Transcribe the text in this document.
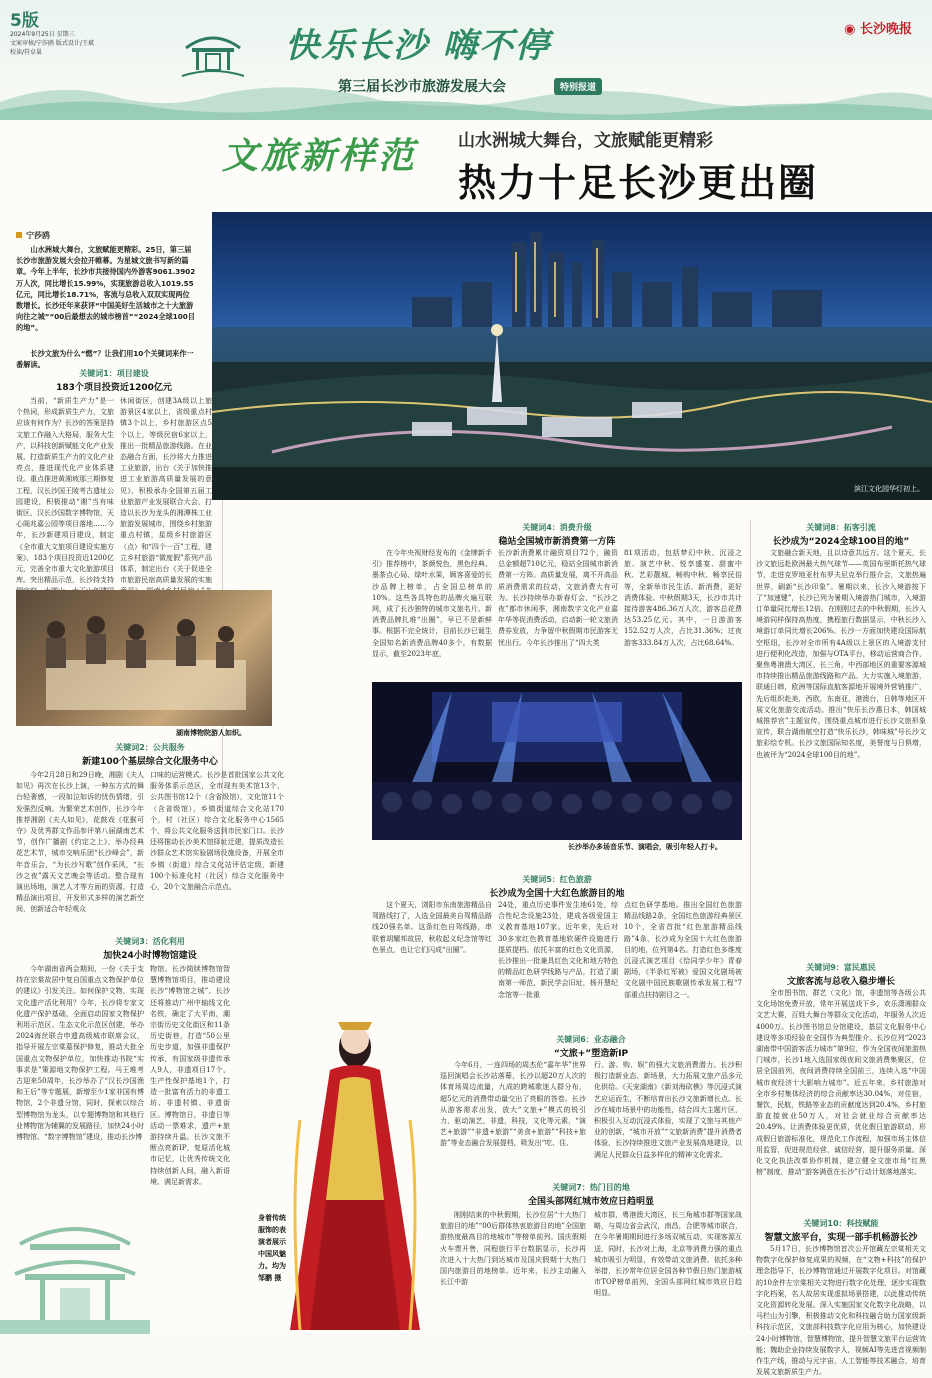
5版
2024年9月25日 星期三
文案审核/宁莎鸥 版式设计/王斌
校读/符卓巢	快乐长沙 嗨不停	◉ 长沙晚报
第三届长沙市旅游发展大会	特别报道
文旅新样范 山水洲城大舞台，文旅赋能更精彩
热力十足长沙更出圈
滨江文化园华灯初上。
宁莎鸥
山水洲城大舞台，文旅赋能更精彩。25日，第三届长沙市旅游发展大会拉开帷幕。为星城文旅书写新的篇章。今年上半年，长沙市共接待国内外游客9061.3902万人次，同比增长15.99%，实现旅游总收入1019.55亿元，同比增长18.71%，客流与总收入双双实现两位数增长。长沙还年来获评“中国美好生活城市之十大旅游向往之城”“00后最想去的城市榜首”“2024全球100目的地”。
长沙文旅为什么“燃”？让我们用10个关键词来作一番解读。
关键词1：项目建设
183个项目投资近1200亿元
当前，“新质生产力”是一个热词，形成新质生产力，文旅应该有何作为？长沙的答案是持文旅工作融入大格局，服务大生产，以科技创新赋能文化产业发展，打造新质生产力的文化产业亮点，推进现代化产业体系建设。重点推进黄湘坡那三期修复工程，汉长沙国王陵考古遗址公园建设，积极推动“湘”当有味街区，汉长沙国数字博物馆，天心阁兆嘉公园等项目落地……今年，长沙新建项目建设，制定《全市重大文旅项目建设实施方案》，183个项目投资近1200亿元，完善全市重大文化旅游项目库。突出精品示范，长沙持支持
休闲街区，创建3A级以上旅游景区4家以上，省级重点村镇3个以上，乡村旅游区点5个以上，等级民宿6家以上，推出一批精品旅游线路。在业态融合方面，长沙将大力推进工业旅游，出台《关于加快推进工业旅游高质量发展的意见》，积极承办全国第五届工业旅游产业发展联合大会，打造以长沙为龙头的湘潭株工业旅游发展城市，围绕乡村旅游重点村镇，星级乡村旅游区（点）和“四个一百”工程，建立乡村旅游“微度假”系列产品体系，制定出台《关于促进全市旅游民宿高质量发展的实施
湖南博物院游人如织。
关键词2：公共服务
新建100个基层综合文化服务中心
今年2月28日和29日晚，湘剧《夫人如见》再次在长沙上演，一种东方式的舞台轻奢感，一段如泣如诉的忧伤情绪，引发强烈反响。为繁荣艺术创作，长沙今年推荐湘剧《夫人如见》，花鼓戏《花猴可夺》及优秀群文作品参评第八届湖南艺术节，创作广播剧《约定之上》，举办经典花艺术节，城市交响乐团“长沙峰会”，新年音乐会，“为长沙写歌”创作采风，“长沙之夜”露天文艺晚会等活动。整合现有演出场地，演艺人才等方面的资源，打造精品演出项目，开发形式多样的演艺新空间，创新适合年轻观众
口味的运营模式。长沙是首批国家公共文化服务体系示范区，全市现有美术馆13个，公共图书馆12个（含省级馆），文化馆11个（含省级馆），乡镇街道综合文化站170个，村（社区）综合文化服务中心1565个，将公共文化服务送到市民家门口。长沙还将推动长沙美术馆择址迁建，提质改造长沙群众艺术馆实验剧场设施设备，开展全市乡镇（街道）综合文化站评估定级，新建100个标准化村（社区）综合文化服务中心，20个文旅融合示范点。
关键词3：活化利用
加快24小时博物馆建设
今年湖南省两会期间，一份《关于支持在宗棠故居中复自国重点文物保护单位的建议》引发关注。如何保护文物，实现文化遗产活化利用？今年，长沙将专家文化遗产保护基础，全面启动国家文物保护利用示范区、生态文化示范区创建，举办2024海丝联合申遗高级城市联席会议，指导开展左宗棠墓保护修复，推动大批全国重点文物保护单位，加快推动书院“实事求是”策源地文物保护工程。马王堆考古迎来50周年，长沙举办了“汉长沙国渔和王后”等专题展，新增至少1家非国有博物馆，2个非遗分馆，同时，探索以综合型博物馆为龙头，以专题博物馆和其他行业博物馆为辅翼的发展路径，加快24小时博物馆、“数字博物馆”建设，推动长沙博
物馆、长沙简牍博物馆智慧博物馆项目，推动建设长沙“博物馆之城”。长沙还将推动广州中轴线文化名铁，确定了大平南，潮宗街历史文化街区和11条历史街巷，打造“50公里历史步道，加强非遗保护传承，有国家级非遗传承人9人，非遗项目17个，生产性保护基地1个，打造一批富有活力的非遗工坊、非遗村镇、非遗街区。博物馆日，非遗日等活动一票难求，遗产+旅游持续升温。长沙文旅不断点亮新IP，复原活化城市记忆，让优秀传统文化持续创新人间，融入新语境、满足新需求。
身着传统服饰的表演者展示中国风魅力。均为邹鹏 摄
关键词4：消费升级
稳站全国城市新消费第一方阵
在今年央视财经发布的《金牌新手引》推荐榜中，茶颜悦色，黑色经典、墨茶点心局、绿叶水果，顾客喜爱的长沙品牌上榜单，占全国总榜单的10%。这些各具特色的品牌火遍互联网，成了长沙独特的城市文旅名片。新消费品牌扎堆“出圈”，早已不是新鲜事。根据不完全统计，目前长沙已诞生全国知名新消费品牌40多个，有数据显示，截至2023年底，
长沙新消费累计融资项目72个，融资总金额超710亿元，稳站全国城市新消费第一方阵。高质量发展，离不开高品质消费需求的拉动，文旅消费大有可为。长沙持续举办新春灯会，“长沙之夜”都市休闲季，湘南数字文化产业嘉年华等促消费活动，启动新一轮文旅消费券发放，力争留中秋假期市民游客无忧出行。今年长沙推出了“四大类
81项活动，包括梦幻中秋、沉浸之旅、演艺中秋、悦享盛宴、甜蜜中秋、艺彩靓城、畅购中秋、畅享民俗等，全新举市民生活、新消费，更好消费体验。中秋假期3天，长沙市共计接待游客486.36万人次，游客总花费达53.25亿元。其中，一日游游客152.52万人次，占比31.36%；过夜游客333.84万人次，占比68.64%。
长沙举办多场音乐节、演唱会，吸引年轻人打卡。
关键词5：红色旅游
长沙成为全国十大红色旅游目的地
这个夏天，浏阳市东南旅游精品自驾路线打了，人选全国最美自驾精品路线20强名单。这条红色自驾线路，串联着胡耀邦故居，秋收起义纪念馆等红色景点，也让它们闪成“出圈”。
24处，重点历史事件发生地61处，综合性纪念设施23处，建成各级爱国主义教育基地107家。近年来，先后对30多家红色教育基地软硬件设施进行提质提档。依托丰富的红色文化资源，长沙推出一批兼具红色文化和地方特色的精品红色研学线路与产品，打造了湖南第一师范，新民学会旧址，杨开慧纪念馆等一批重
点红色研学基地。推出全国红色旅游精品线路2条，全国红色旅游经典景区10个，全省首批“红色旅游精品线路”4条，长沙成为全国十大红色旅游目的地，位列第4名。打造红色多维度沉浸式演艺项目《恰同学少年》青春剧场，《半条红军被》爱国文化剧场被文化剧中国民族歌剧传承发展工程“7部重点扶持剧目之一。
关键词6：业态融合
“文旅+”塑造新IP
今年6月，一连四场的周杰伦“嘉年华”世界巡回演唱会长沙站落幕，长沙以超20万人次的体育场周边流量，九成的跨城歌迷人群分布，超5亿元的消费带动量交出了亮眼的答卷。长沙从游客需求出发，放大“文旅+”模式的锐引力，驱动演艺，非遗，科技，文化等元素，“演艺+旅游”“非遗+旅游”“美食+旅游”“科技+旅游”等业态融合发展提档，吸发出“吃、住、
行、游、购、娱”的强大文旅消费潜力。长沙积极打造新业态、新场景，大力拓展文旅产品多元化供给。《天宠湖南》《新刘海砍樵》等沉浸式演艺应运而生，不断培育出长沙文旅新增长点。长沙在城市场景中的功能性，结合四大主题片区，积极引入互动沉浸式体验，实现了文旅与其他产业的创新，“城市开放”“文旅新消费”提升消费者体验，长沙持续推进文旅产业发展高地建设，以满足人民群众日益多样化的精神文化需求。
关键词7：热门目的地
全国头部网红城市效应日趋明显
刚刚结束的中秋假期，长沙位居“十大热门旅游目的地”“00后群体热衷旅游目的地”全国旅游热度最高目的地城市”等榜单前列。国庆假期火车票开售，同程旅行平台数据显示，长沙再次进入十大热门到达城市及国庆假期十大热门国内旅游目的地榜单。近年来，长沙主动融入长江中游
城市群，粤港澳大湾区，长三角城市群等国家战略，与周边省会武汉，南昌，合肥等城市联合，在今年暑期期间进行多场双城互动，实现客源互送，同时，长沙对上海，北京等消费力强的重点城市吸引力明显，有效带动文旅消费。依托多种举措，长沙常年位居全国各种节假日热门旅游城市TOP榜单前列，全国头部网红城市效应日趋明显。
关键词8：拓客引流
长沙成为“2024全球100目的地”
文旅融合新天地，且以诗意共远方。这个夏天，长沙文旅远赴欧洲最大热气球节——英国布里斯托热气球节，走进克罗地亚杜布罗夫尼克举行推介会，文旅热遍世界，刷新“长沙印象”。暑期以来，长沙入境游按下了“加速键”，长沙已列为暑期入境游热门城市，入境游订单量同比增长12倍。在刚刚过去的中秋假期，长沙入境游同样保持高热度，携程旅行数据显示，中秋长沙入境游订单同比增长206%。长沙一方面加快建设国际航空枢纽，长沙对全市所有4A级以上景区的入境游支付进行便利化改造，加强与OTA平台，移动运营商合作，聚焦粤港澳大湾区，长三角，中西部地区的重要客源城市持续推出精品旅游线路和产品。大力实施入境旅游，联通日韩，欧洲等国际直航客源地开展境外营销推广，先后组织赴美，西欧，东南亚，港澳台，日韩等地区开展文化旅游交流活动。推出“快乐长沙惠日本，韩国城城推荐官”主题宣传，围绕重点城市进行长沙文旅形象宣传，联合湖南航空打造“快乐长沙，韩味城”号长沙文旅彩绘专机。长沙文旅国际知名度，美誉度与日俱增，也被评为“2024全球100目的地”。
关键词9：富民惠民
文旅客流与总收入稳步增长
全市图书馆，群艺（文化）馆，非遗馆等各级公共文化场馆免费开放，常年开展送戏下乡，欢乐潇湘群众文艺大赛，百姓大舞台等群众文化活动，年服务人次近4000万。长沙图书馆总分馆建设，基层文化服务中心建设等多项经验在全国作为典型推介。长沙位列“2023湖南带中国游客活力城市”第9位，作为全国夜间旅游热门城市，长沙1地入选国家级夜间文旅消费集聚区，位居全国前列，夜间消费持续全国前三，连续入选“中国城市夜经济十大影响力城市”。近五年来，乡村旅游对全市乡村集体经济的综合贡献率达30.04%，对住宿，餐饮，民航，铁路等业态的贡献度达到20.4%，乡村旅游直接就业50万人，对社会就业综合贡献率达20.49%。让消费体验更优质，优化假日旅游联动，形成假日旅游标准化，规范化工作流程，加强市场主体信用监管，促进规范经营，诚信经营，提升服务质量。深化文化执法改革协作机制，建立健全文旅市场“红黑榜”制度，推动“游客满意在长沙”行动计划落地落实。
关键词10：科技赋能
智慧文旅平台，实现一部手机畅游长沙
5月17日，长沙博物馆首次公开馆藏左宗棠相关文物数字化保护修复成果的视频，在“文物+科技”的保护理念指导下，长沙博物馆通过开展数字化项目。对馆藏的10余件左宗棠相关文物进行数字化处理，逐步实现数字化档案，名人故居实现虚拟场景搭建，以此推动传统文化资源转化发展。深入实施国家文化数字化战略，以马栏山为引擎，积极推动文化和科技融合助力国家级新科技示范区，文旅部科技数字化应用为核心，加快建设24小时博物馆，智慧博物馆，提升智慧文旅平台运营效能；魏助企业持续发展数字人，视频AI等先进音视频制作生产线，推动与元宇宙，人工智能等技术融合，培育发展文旅新质生产力。
